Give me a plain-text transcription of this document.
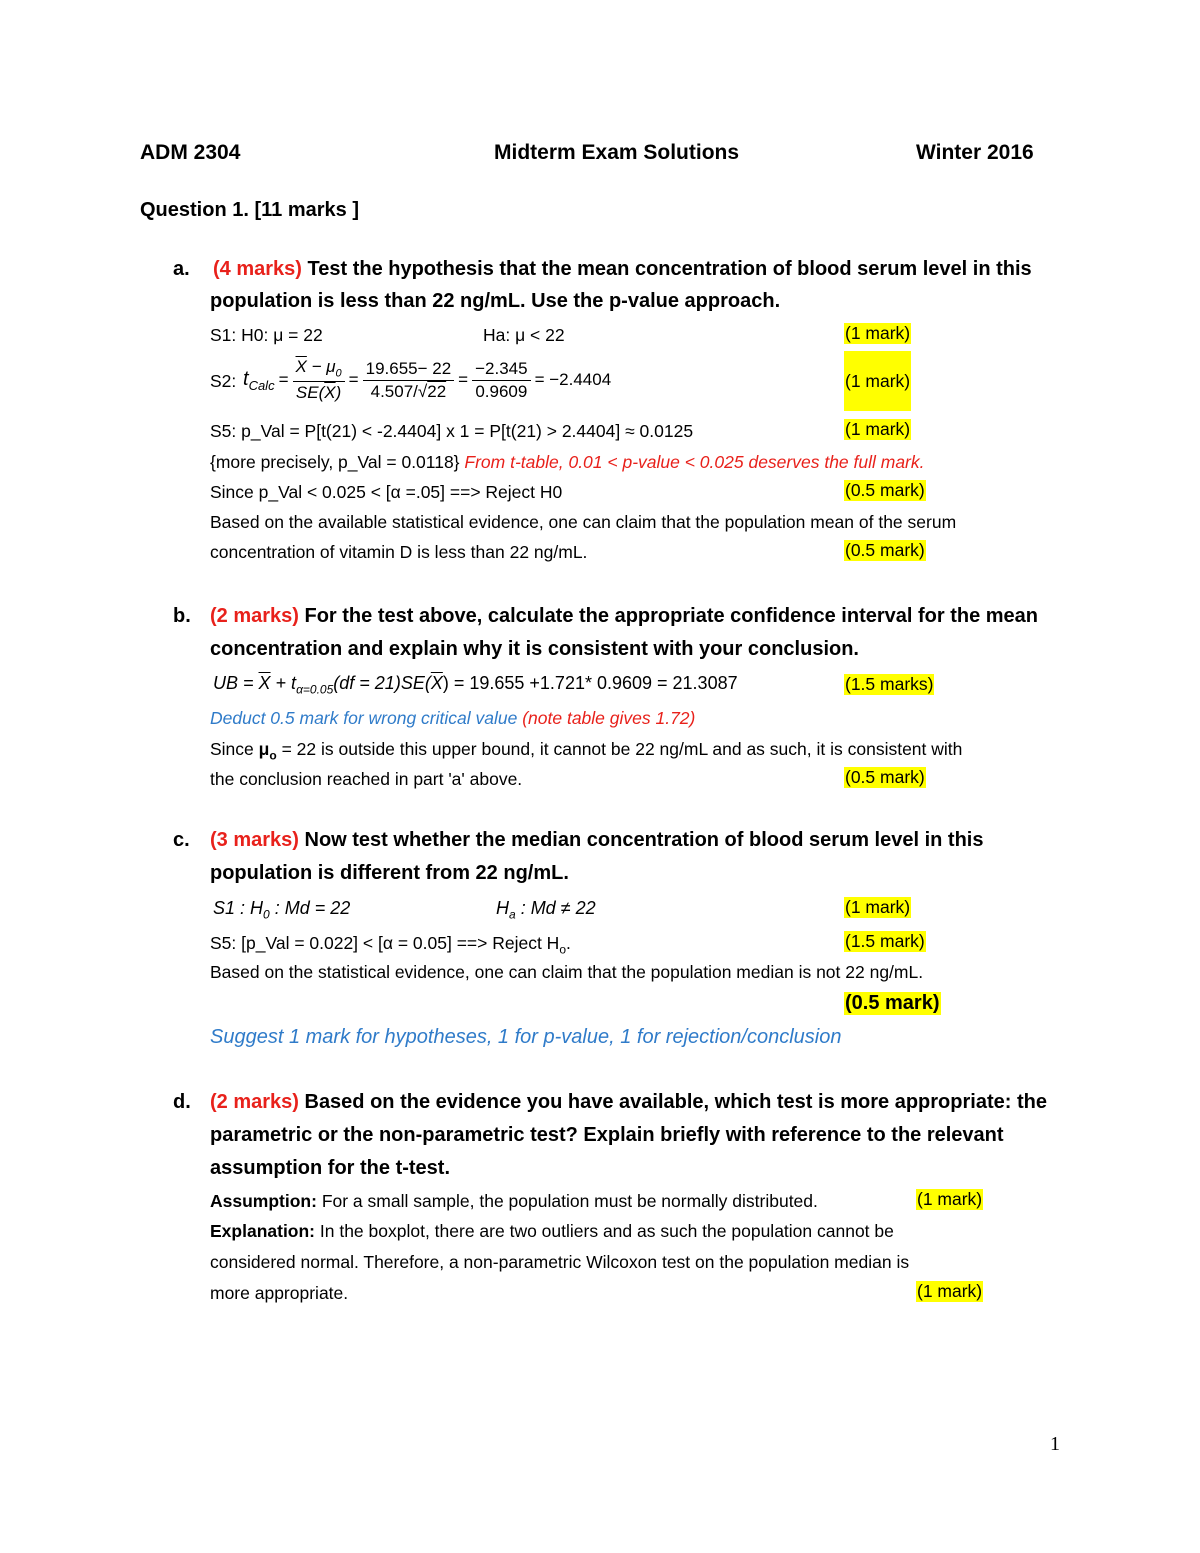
ADM 2304	Midterm Exam Solutions	Winter 2016
Question 1. [11 marks ]
a. (4 marks) Test the hypothesis that the mean concentration of blood serum level in this
population is less than 22 ng/mL. Use the p-value approach.
S1: H0: μ = 22	Ha: μ < 22	(1 mark)
S2: $t_{Calc} = \frac{\overline{X} - \mu_0}{SE(\overline{X})} = \frac{19.655- 22}{4.507/√22} = \frac{-2.345}{0.9609} = -2.4404$	(1 mark)
S5: p_Val = P[t(21) < -2.4404] x 1 = P[t(21) > 2.4404] ≈ 0.0125	(1 mark)
{more precisely, p_Val = 0.0118} From t-table, 0.01 < p-value < 0.025 deserves the full mark.
Since p_Val < 0.025 < [α =.05] ==> Reject H0	(0.5 mark)
Based on the available statistical evidence, one can claim that the population mean of the serum
concentration of vitamin D is less than 22 ng/mL.	(0.5 mark)
b. (2 marks) For the test above, calculate the appropriate confidence interval for the mean
concentration and explain why it is consistent with your conclusion.
UB = $\overline{X} + t_{\alpha=0.05}(df = 21)SE(\overline{X}) = 19.655 +1.721*$ 0.9609 = 21.3087	(1.5 marks)
Deduct 0.5 mark for wrong critical value (note table gives 1.72)
Since $\mu_o = 22$ is outside this upper bound, it cannot be 22 ng/mL and as such, it is consistent with
the conclusion reached in part 'a' above.	(0.5 mark)
c. (3 marks) Now test whether the median concentration of blood serum level in this
population is different from 22 ng/mL.
S1 : $H_0$ : Md = 22	$H_a$ : Md ≠ 22	(1 mark)
S5: [p_Val = 0.022] < [α = 0.05] ==> Reject $H_o$.	(1.5 mark)
Based on the statistical evidence, one can claim that the population median is not 22 ng/mL.
(0.5 mark)
Suggest 1 mark for hypotheses, 1 for p-value, 1 for rejection/conclusion
d. (2 marks) Based on the evidence you have available, which test is more appropriate: the
parametric or the non-parametric test? Explain briefly with reference to the relevant
assumption for the t-test.
Assumption: For a small sample, the population must be normally distributed.	(1 mark)
Explanation: In the boxplot, there are two outliers and as such the population cannot be
considered normal. Therefore, a non-parametric Wilcoxon test on the population median is
more appropriate.	(1 mark)
1
